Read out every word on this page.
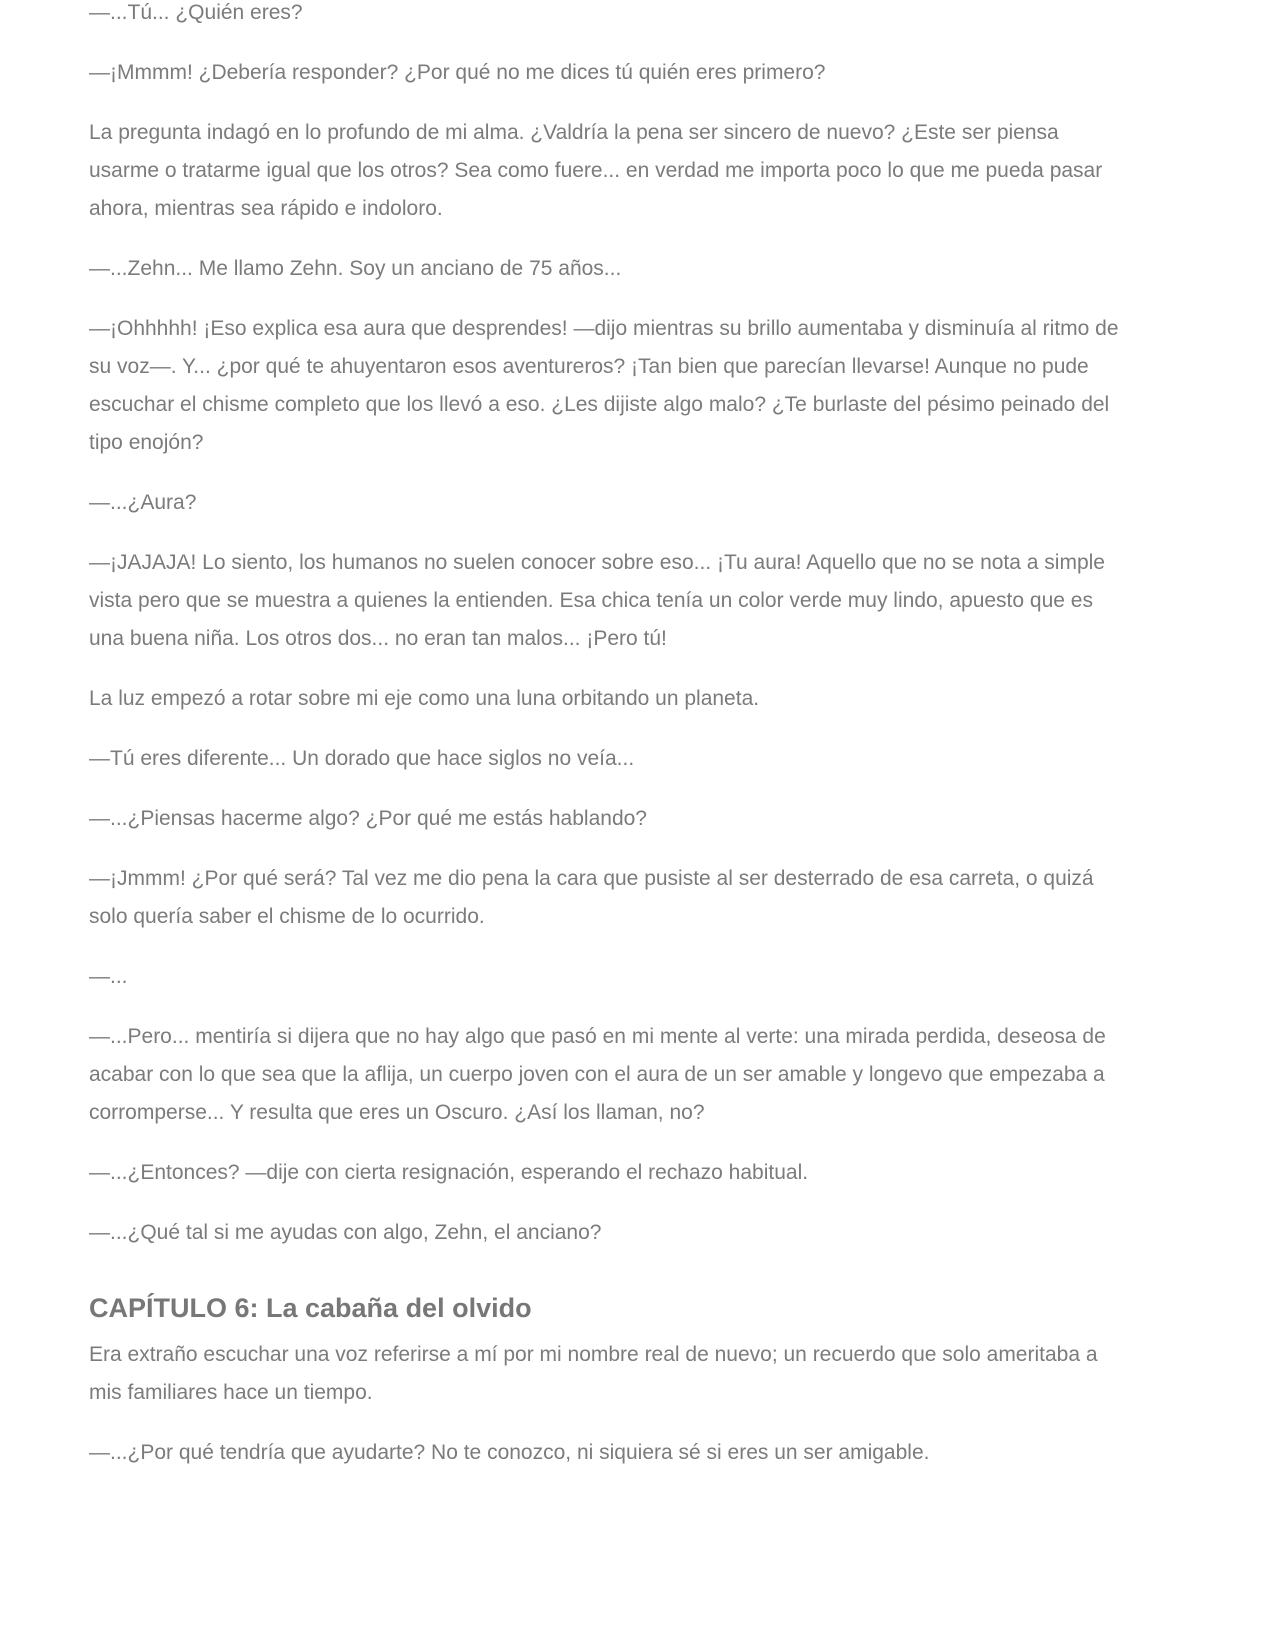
—...Tú... ¿Quién eres?

—¡Mmmm! ¿Debería responder? ¿Por qué no me dices tú quién eres primero?

La pregunta indagó en lo profundo de mi alma. ¿Valdría la pena ser sincero de nuevo? ¿Este ser piensa usarme o tratarme igual que los otros? Sea como fuere... en verdad me importa poco lo que me pueda pasar ahora, mientras sea rápido e indoloro.

—...Zehn... Me llamo Zehn. Soy un anciano de 75 años...

—¡Ohhhhh! ¡Eso explica esa aura que desprendes! —dijo mientras su brillo aumentaba y disminuía al ritmo de su voz—. Y... ¿por qué te ahuyentaron esos aventureros? ¡Tan bien que parecían llevarse! Aunque no pude escuchar el chisme completo que los llevó a eso. ¿Les dijiste algo malo? ¿Te burlaste del pésimo peinado del tipo enojón?

—...¿Aura?

—¡JAJAJA! Lo siento, los humanos no suelen conocer sobre eso... ¡Tu aura! Aquello que no se nota a simple vista pero que se muestra a quienes la entienden. Esa chica tenía un color verde muy lindo, apuesto que es una buena niña. Los otros dos... no eran tan malos... ¡Pero tú!

La luz empezó a rotar sobre mi eje como una luna orbitando un planeta.

—Tú eres diferente... Un dorado que hace siglos no veía...

—...¿Piensas hacerme algo? ¿Por qué me estás hablando?

—¡Jmmm! ¿Por qué será? Tal vez me dio pena la cara que pusiste al ser desterrado de esa carreta, o quizá solo quería saber el chisme de lo ocurrido.

—...

—...Pero... mentiría si dijera que no hay algo que pasó en mi mente al verte: una mirada perdida, deseosa de acabar con lo que sea que la aflija, un cuerpo joven con el aura de un ser amable y longevo que empezaba a corromperse... Y resulta que eres un Oscuro. ¿Así los llaman, no?

—...¿Entonces? —dije con cierta resignación, esperando el rechazo habitual.

—...¿Qué tal si me ayudas con algo, Zehn, el anciano?

CAPÍTULO 6: La cabaña del olvido

Era extraño escuchar una voz referirse a mí por mi nombre real de nuevo; un recuerdo que solo ameritaba a mis familiares hace un tiempo.

—...¿Por qué tendría que ayudarte? No te conozco, ni siquiera sé si eres un ser amigable.
